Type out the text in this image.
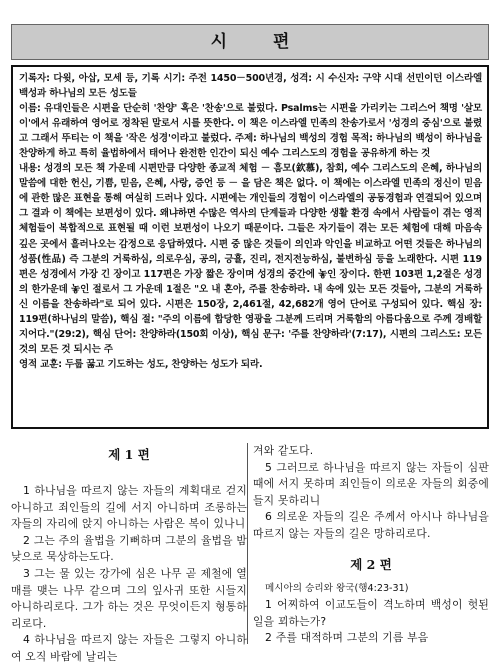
시 편

기록자: 다윗, 아삽, 모세 등, 기록 시기: 주전 1450－500년경, 성격: 시 수신자: 구약 시대 선민이던 이스라엘 백성과 하나님의 모든 성도들

이름: 유대인들은 시편을 단순히 '찬양' 혹은 '찬송'으로 불렀다. Psalms는 시편을 가리키는 그리스어 책명 '살모이'에서 유래하여 영어로 정착된 말로서 시를 뜻한다. 이 책은 이스라엘 민족의 찬송가로서 '성경의 중심'으로 불렸고 그래서 뚜티는 이 책을 '작은 성경'이라고 불렀다. 주제: 하나님의 백성의 경험 목적: 하나님의 백성이 하나님을 찬양하게 하고 특히 율법하에서 태어나 완전한 인간이 되신 예수 그리스도의 경험을 공유하게 하는 것

내용: 성경의 모든 책 가운데 시편만큼 다양한 종교적 체험 － 흠모(欽慕), 참회, 예수 그리스도의 은혜, 하나님의 말씀에 대한 헌신, 기쁨, 믿음, 은혜, 사랑, 증언 등 － 을 담은 책은 없다. 이 책에는 이스라엘 민족의 정신이 믿음에 관한 많은 표현을 통해 여실히 드러나 있다. 시편에는 개인들의 경험이 이스라엘의 공동경험과 연결되어 있으며 그 결과 이 책에는 보편성이 있다. 왜냐하면 수많은 역사의 단계들과 다양한 생활 환경 속에서 사람들이 겪는 영적 체험들이 복합적으로 표현될 때 이런 보편성이 나오기 때문이다. 그들은 자기들이 겪는 모든 체험에 대해 마음속 깊은 곳에서 흘러나오는 감정으로 응답하였다. 시편 중 많은 것들이 의인과 악인을 비교하고 어떤 것들은 하나님의 성품(性品) 즉 그분의 거룩하심, 의로우심, 공의, 긍휼, 진리, 전지전능하심, 불변하심 등을 노래한다. 시편 119편은 성경에서 가장 긴 장이고 117편은 가장 짧은 장이며 성경의 중간에 놓인 장이다. 한편 103편 1,2절은 성경의 한가운데 놓인 절로서 그 가운데 1절은 "오 내 혼아, 주를 찬송하라. 내 속에 있는 모든 것들아, 그분의 거룩하신 이름을 찬송하라"로 되어 있다. 시편은 150장, 2,461절, 42,682개 영어 단어로 구성되어 있다. 핵심 장: 119편(하나님의 말씀), 핵심 절: "주의 이름에 합당한 영광을 그분께 드리며 거룩함의 아름다움으로 주께 경배할지어다."(29:2), 핵심 단어: 찬양하라(150회 이상), 핵심 문구: '주를 찬양하라'(7:17), 시편의 그리스도: 모든 것의 모든 것 되시는 주

영적 교훈: 두룹 꿇고 기도하는 성도, 찬양하는 성도가 되라.

제 1 편

1 하나님을 따르지 않는 자들의 계획대로 걷지 아니하고 죄인들의 길에 서지 아니하며 조롱하는 자들의 자리에 앉지 아니하는 사람은 복이 있나니

2 그는 주의 율법을 기뻐하며 그분의 율법을 밤낮으로 묵상하는도다.

3 그는 물 있는 강가에 심은 나무 곧 제철에 열매를 맺는 나무 같으며 그의 잎사귀 또한 시들지 아니하리로다. 그가 하는 것은 무엇이든지 형통하리로다.

4 하나님을 따르지 않는 자들은 그렇지 아니하여 오직 바람에 날리는

겨와 같도다.

5 그러므로 하나님을 따르지 않는 자들이 심판 때에 서지 못하며 죄인들이 의로운 자들의 회중에 들지 못하리니

6 의로운 자들의 길은 주께서 아시나 하나님을 따르지 않는 자들의 길은 망하리로다.

제 2 편

메시아의 승리와 왕국(행4:23-31)

1 어찌하여 이교도들이 격노하며 백성이 헛된 일을 꾀하는가?

2 주를 대적하며 그분의 기름 부음
